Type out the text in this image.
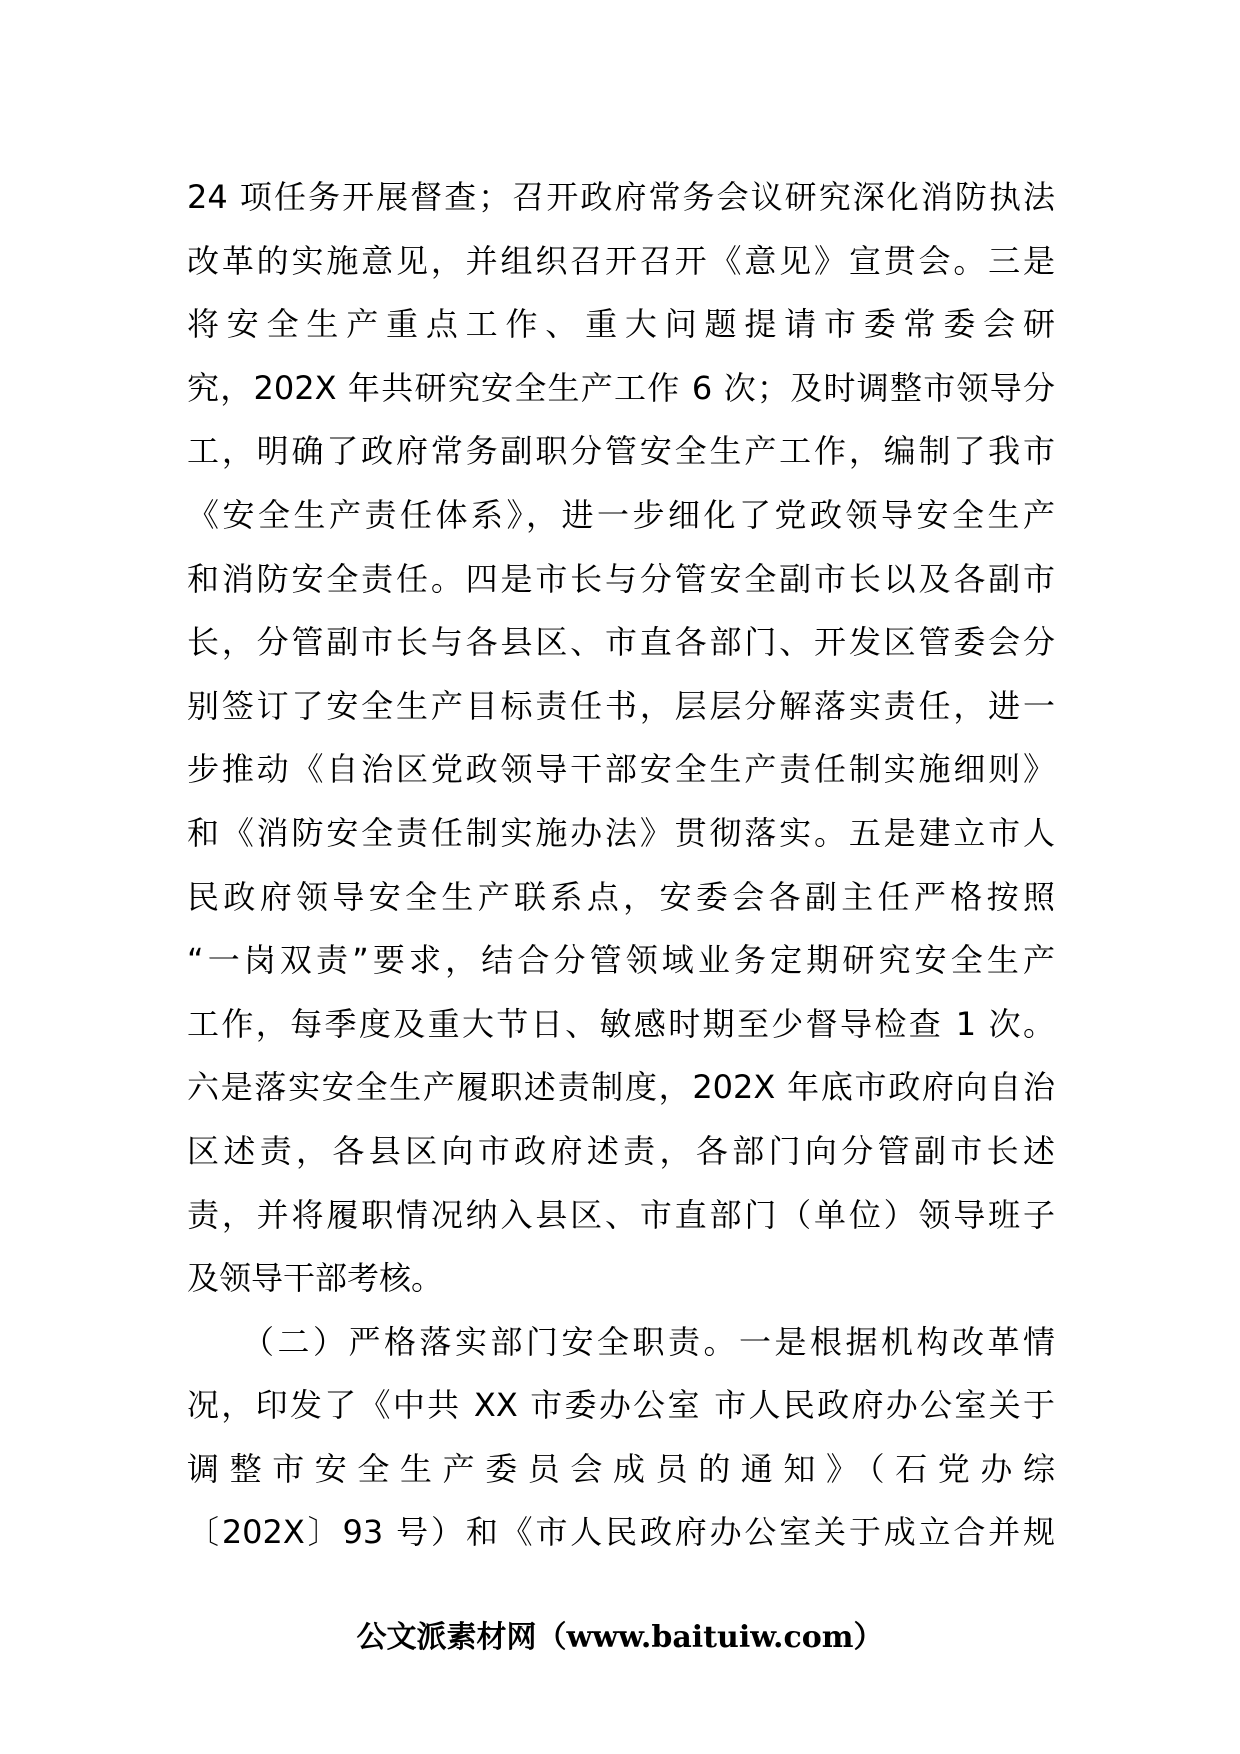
24 项任务开展督查；召开政府常务会议研究深化消防执法
改革的实施意见，并组织召开召开《意见》宣贯会。三是
将安全生产重点工作、重大问题提请市委常委会研
究，202X 年共研究安全生产工作 6 次；及时调整市领导分
工，明确了政府常务副职分管安全生产工作，编制了我市
《安全生产责任体系》，进一步细化了党政领导安全生产
和消防安全责任。四是市长与分管安全副市长以及各副市
长，分管副市长与各县区、市直各部门、开发区管委会分
别签订了安全生产目标责任书，层层分解落实责任，进一
步推动《自治区党政领导干部安全生产责任制实施细则》
和《消防安全责任制实施办法》贯彻落实。五是建立市人
民政府领导安全生产联系点，安委会各副主任严格按照
“一岗双责”要求，结合分管领域业务定期研究安全生产
工作，每季度及重大节日、敏感时期至少督导检查 1 次。
六是落实安全生产履职述责制度，202X 年底市政府向自治
区述责，各县区向市政府述责，各部门向分管副市长述
责，并将履职情况纳入县区、市直部门（单位）领导班子
及领导干部考核。
　　（二）严格落实部门安全职责。一是根据机构改革情
况，印发了《中共 XX 市委办公室 市人民政府办公室关于
调整市安全生产委员会成员的通知》（石党办综
〔202X〕93 号）和《市人民政府办公室关于成立合并规
公文派素材网（www.baituiw.com）
